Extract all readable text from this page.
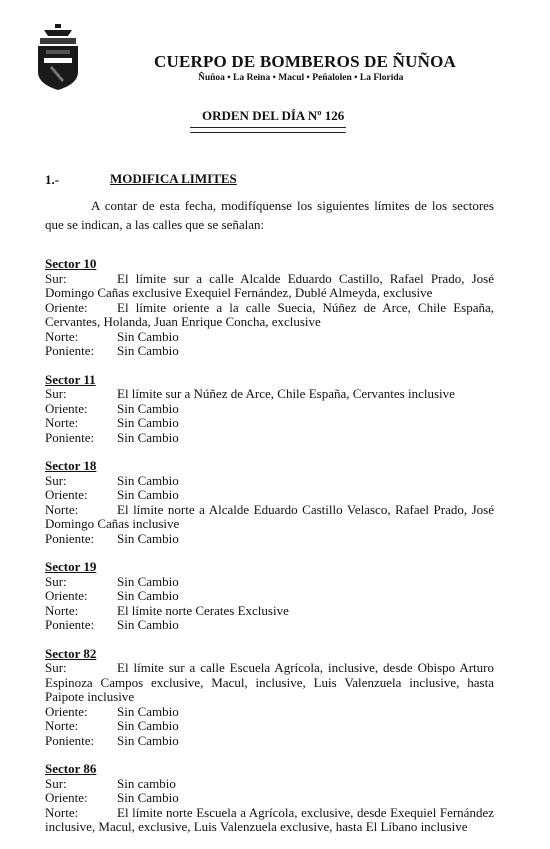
CUERPO DE BOMBEROS DE ÑUÑOA
Ñuñoa • La Reina • Macul • Peñalolen • La Florida
ORDEN DEL DÍA Nº 126
1.-	MODIFICA LIMITES
A contar de esta fecha, modifíquense los siguientes límites de los sectores que se indican, a las calles que se señalan:
Sector 10
Sur:	El límite sur a calle Alcalde Eduardo Castillo, Rafael Prado, José Domingo Cañas exclusive Exequiel Fernández, Dublé Almeyda, exclusive
Oriente:	El límite oriente a la calle Suecia, Núñez de Arce, Chile España, Cervantes, Holanda, Juan Enrique Concha, exclusive
Norte:	Sin Cambio
Poniente:	Sin Cambio
Sector 11
Sur:	El límite sur a Núñez de Arce, Chile España, Cervantes inclusive
Oriente:	Sin Cambio
Norte:	Sin Cambio
Poniente:	Sin Cambio
Sector 18
Sur:	Sin Cambio
Oriente:	Sin Cambio
Norte:	El límite norte a Alcalde Eduardo Castillo Velasco, Rafael Prado, José Domingo Cañas inclusive
Poniente:	Sin Cambio
Sector 19
Sur:	Sin Cambio
Oriente:	Sin Cambio
Norte:	El límite norte Cerates Exclusive
Poniente:	Sin Cambio
Sector 82
Sur:	El límite sur a calle Escuela Agrícola, inclusive, desde Obispo Arturo Espinoza Campos exclusive, Macul, inclusive, Luis Valenzuela inclusive, hasta Paipote inclusive
Oriente:	Sin Cambio
Norte:	Sin Cambio
Poniente:	Sin Cambio
Sector 86
Sur:	Sin cambio
Oriente:	Sin Cambio
Norte:	El límite norte Escuela a Agrícola, exclusive, desde Exequiel Fernández inclusive, Macul, exclusive, Luis Valenzuela exclusive, hasta El Líbano inclusive
